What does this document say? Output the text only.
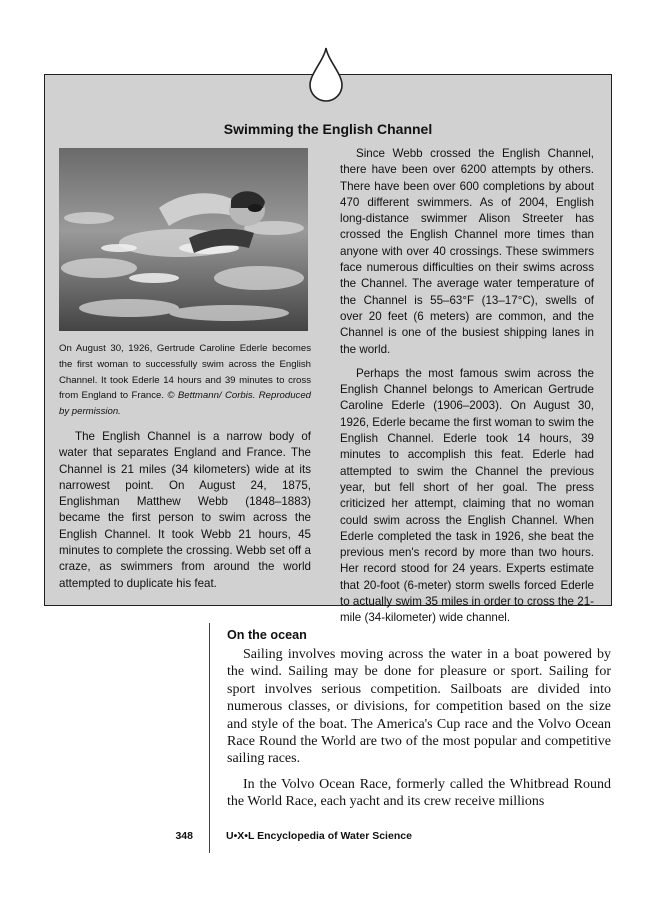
Swimming the English Channel
On August 30, 1926, Gertrude Caroline Ederle becomes the first woman to successfully swim across the English Channel. It took Ederle 14 hours and 39 minutes to cross from England to France. © Bettmann/ Corbis. Reproduced by permission.

The English Channel is a narrow body of water that separates England and France. The Channel is 21 miles (34 kilometers) wide at its narrowest point. On August 24, 1875, Englishman Matthew Webb (1848–1883) became the first person to swim across the English Channel. It took Webb 21 hours, 45 minutes to complete the crossing. Webb set off a craze, as swimmers from around the world attempted to duplicate his feat.

Since Webb crossed the English Channel, there have been over 6200 attempts by others. There have been over 600 completions by about 470 different swimmers. As of 2004, English long-distance swimmer Alison Streeter has crossed the English Channel more times than anyone with over 40 crossings. These swimmers face numerous difficulties on their swims across the Channel. The average water temperature of the Channel is 55–63°F (13–17°C), swells of over 20 feet (6 meters) are common, and the Channel is one of the busiest shipping lanes in the world.

Perhaps the most famous swim across the English Channel belongs to American Gertrude Caroline Ederle (1906–2003). On August 30, 1926, Ederle became the first woman to swim the English Channel. Ederle took 14 hours, 39 minutes to accomplish this feat. Ederle had attempted to swim the Channel the previous year, but fell short of her goal. The press criticized her attempt, claiming that no woman could swim across the English Channel. When Ederle completed the task in 1926, she beat the previous men's record by more than two hours. Her record stood for 24 years. Experts estimate that 20-foot (6-meter) storm swells forced Ederle to actually swim 35 miles in order to cross the 21-mile (34-kilometer) wide channel.

On the ocean

Sailing involves moving across the water in a boat powered by the wind. Sailing may be done for pleasure or sport. Sailing for sport involves serious competition. Sailboats are divided into numerous classes, or divisions, for competition based on the size and style of the boat. The America's Cup race and the Volvo Ocean Race Round the World are two of the most popular and competitive sailing races.

In the Volvo Ocean Race, formerly called the Whitbread Round the World Race, each yacht and its crew receive millions

348	U•X•L Encyclopedia of Water Science
